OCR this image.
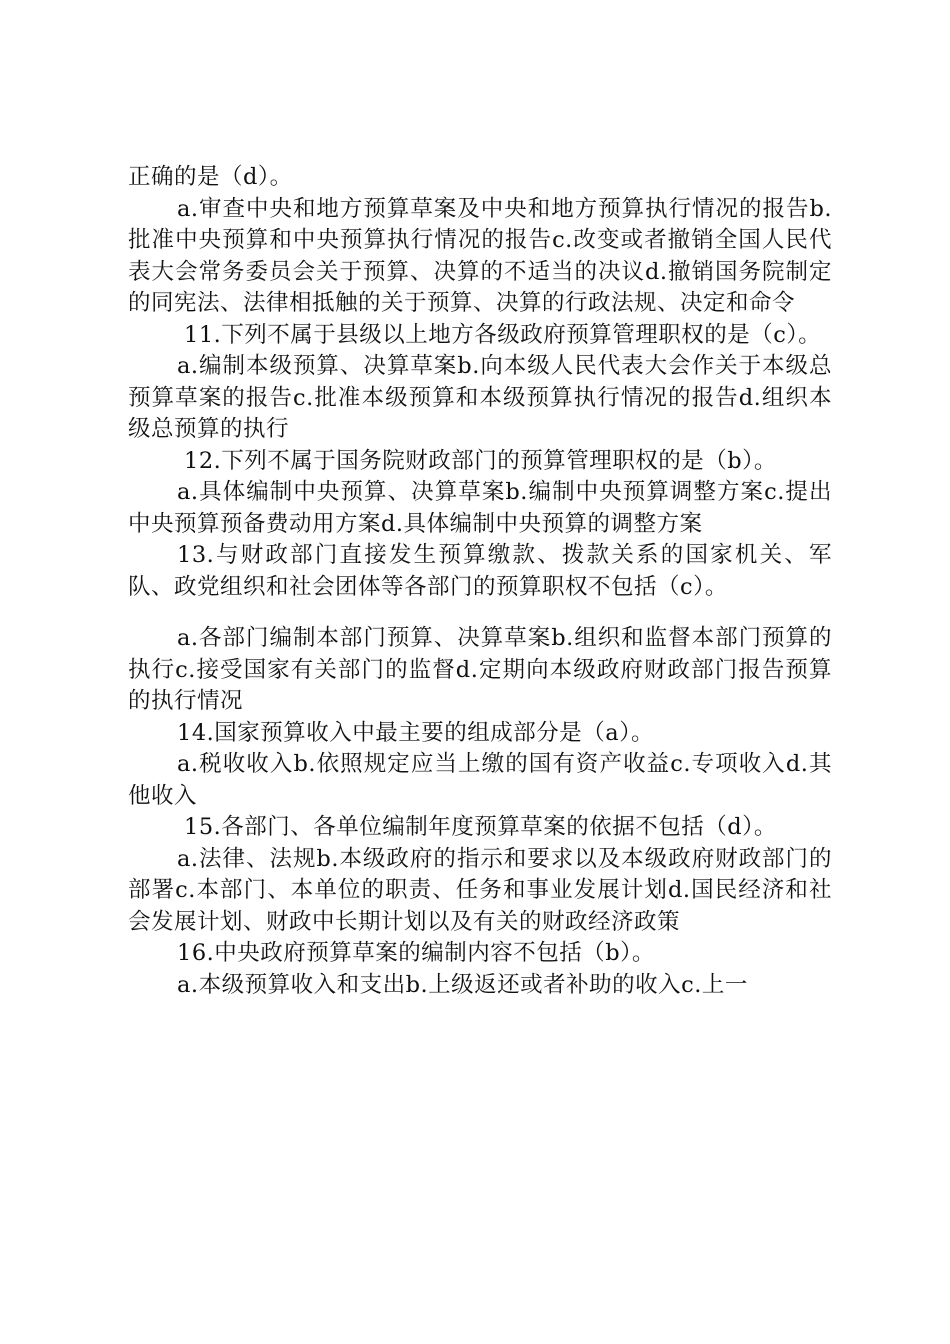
正确的是（d）。

a.审查中央和地方预算草案及中央和地方预算执行情况的报告b.批准中央预算和中央预算执行情况的报告c.改变或者撤销全国人民代表大会常务委员会关于预算、决算的不适当的决议d.撤销国务院制定的同宪法、法律相抵触的关于预算、决算的行政法规、决定和命令

11.下列不属于县级以上地方各级政府预算管理职权的是（c）。

a.编制本级预算、决算草案b.向本级人民代表大会作关于本级总预算草案的报告c.批准本级预算和本级预算执行情况的报告d.组织本级总预算的执行

12.下列不属于国务院财政部门的预算管理职权的是（b）。

a.具体编制中央预算、决算草案b.编制中央预算调整方案c.提出中央预算预备费动用方案d.具体编制中央预算的调整方案

13.与财政部门直接发生预算缴款、拨款关系的国家机关、军队、政党组织和社会团体等各部门的预算职权不包括（c）。

a.各部门编制本部门预算、决算草案b.组织和监督本部门预算的执行c.接受国家有关部门的监督d.定期向本级政府财政部门报告预算的执行情况

14.国家预算收入中最主要的组成部分是（a）。

a.税收收入b.依照规定应当上缴的国有资产收益c.专项收入d.其他收入

15.各部门、各单位编制年度预算草案的依据不包括（d）。

a.法律、法规b.本级政府的指示和要求以及本级政府财政部门的部署c.本部门、本单位的职责、任务和事业发展计划d.国民经济和社会发展计划、财政中长期计划以及有关的财政经济政策

16.中央政府预算草案的编制内容不包括（b）。

a.本级预算收入和支出b.上级返还或者补助的收入c.上一
